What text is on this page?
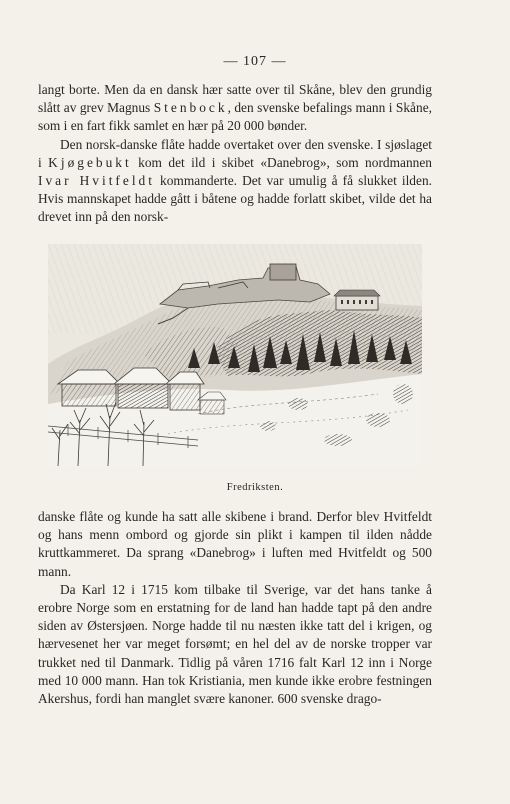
— 107 —

langt borte. Men da en dansk hær satte over til Skåne, blev den grundig slått av grev Magnus Stenbock, den svenske befalings mann i Skåne, som i en fart fikk samlet en hær på 20 000 bønder.

Den norsk-danske flåte hadde overtaket over den svenske. I sjøslaget i Kjøgebukt kom det ild i skibet «Danebrog», som nordmannen Ivar Hvitfeldt kommanderte. Det var umulig å få slukket ilden. Hvis mannskapet hadde gått i båtene og hadde forlatt skibet, vilde det ha drevet inn på den norsk-

Fredriksten.

danske flåte og kunde ha satt alle skibene i brand. Derfor blev Hvitfeldt og hans menn ombord og gjorde sin plikt i kampen til ilden nådde kruttkammeret. Da sprang «Danebrog» i luften med Hvitfeldt og 500 mann.

Da Karl 12 i 1715 kom tilbake til Sverige, var det hans tanke å erobre Norge som en erstatning for de land han hadde tapt på den andre siden av Østersjøen. Norge hadde til nu næsten ikke tatt del i krigen, og hærvesenet her var meget forsømt; en hel del av de norske tropper var trukket ned til Danmark. Tidlig på våren 1716 falt Karl 12 inn i Norge med 10 000 mann. Han tok Kristiania, men kunde ikke erobre festningen Akershus, fordi han manglet svære kanoner. 600 svenske drago-
